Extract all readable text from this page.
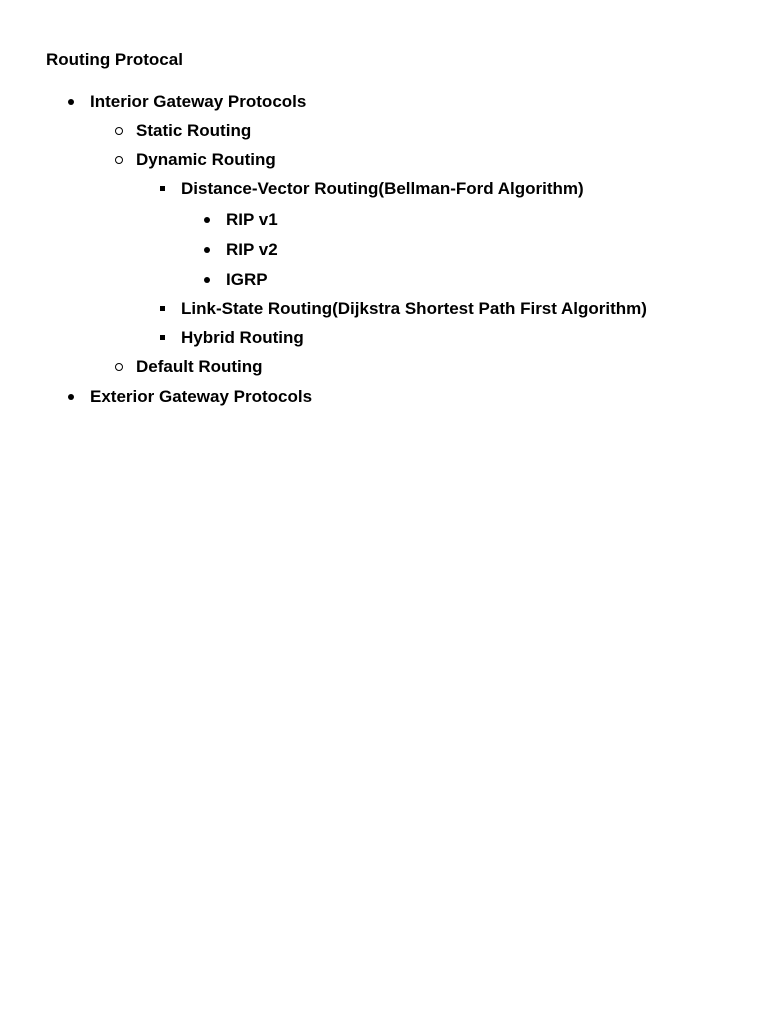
Routing Protocal
Interior Gateway Protocols
Static Routing
Dynamic Routing
Distance-Vector Routing(Bellman-Ford Algorithm)
RIP v1
RIP v2
IGRP
Link-State Routing(Dijkstra Shortest Path First Algorithm)
Hybrid Routing
Default Routing
Exterior Gateway Protocols
